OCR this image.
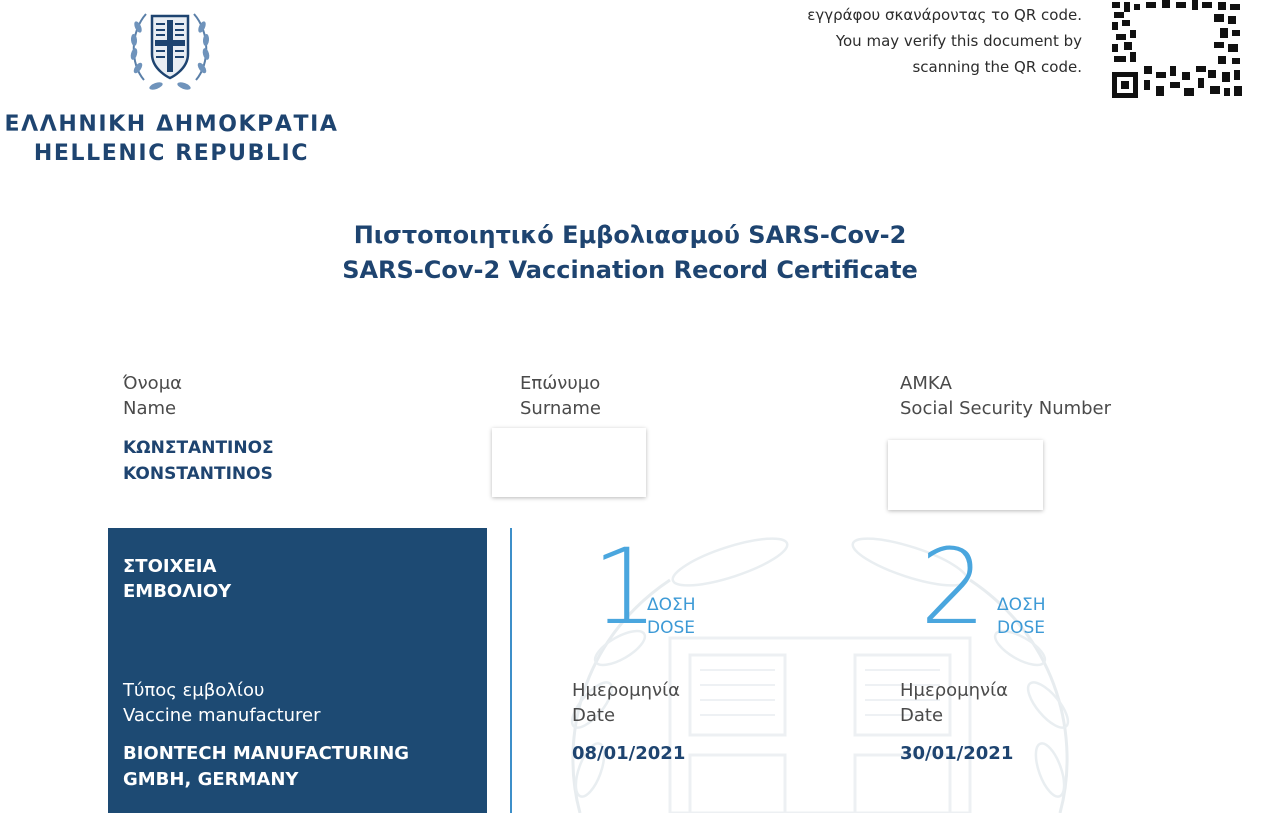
ΕΛΛΗΝΙΚΗ ΔΗΜΟΚΡΑΤΙΑ
HELLENIC REPUBLIC
εγγράφου σκανάροντας το QR code.
You may verify this document by
scanning the QR code.
Πιστοποιητικό Εμβολιασμού SARS-Cov-2
SARS-Cov-2 Vaccination Record Certificate
Όνομα
Name
ΚΩΝΣΤΑΝΤΙΝΟΣ
KONSTANTINOS
Επώνυμο
Surname
ΑΜΚΑ
Social Security Number
ΣΤΟΙΧΕΙΑ
ΕΜΒΟΛΙΟΥ
Τύπος εμβολίου
Vaccine manufacturer
BIONTECH MANUFACTURING
GMBH, GERMANY
1
ΔΟΣΗ
DOSE
Ημερομηνία
Date
08/01/2021
2 ΔΟΣΗ
DOSE
Ημερομηνία
Date
30/01/2021
